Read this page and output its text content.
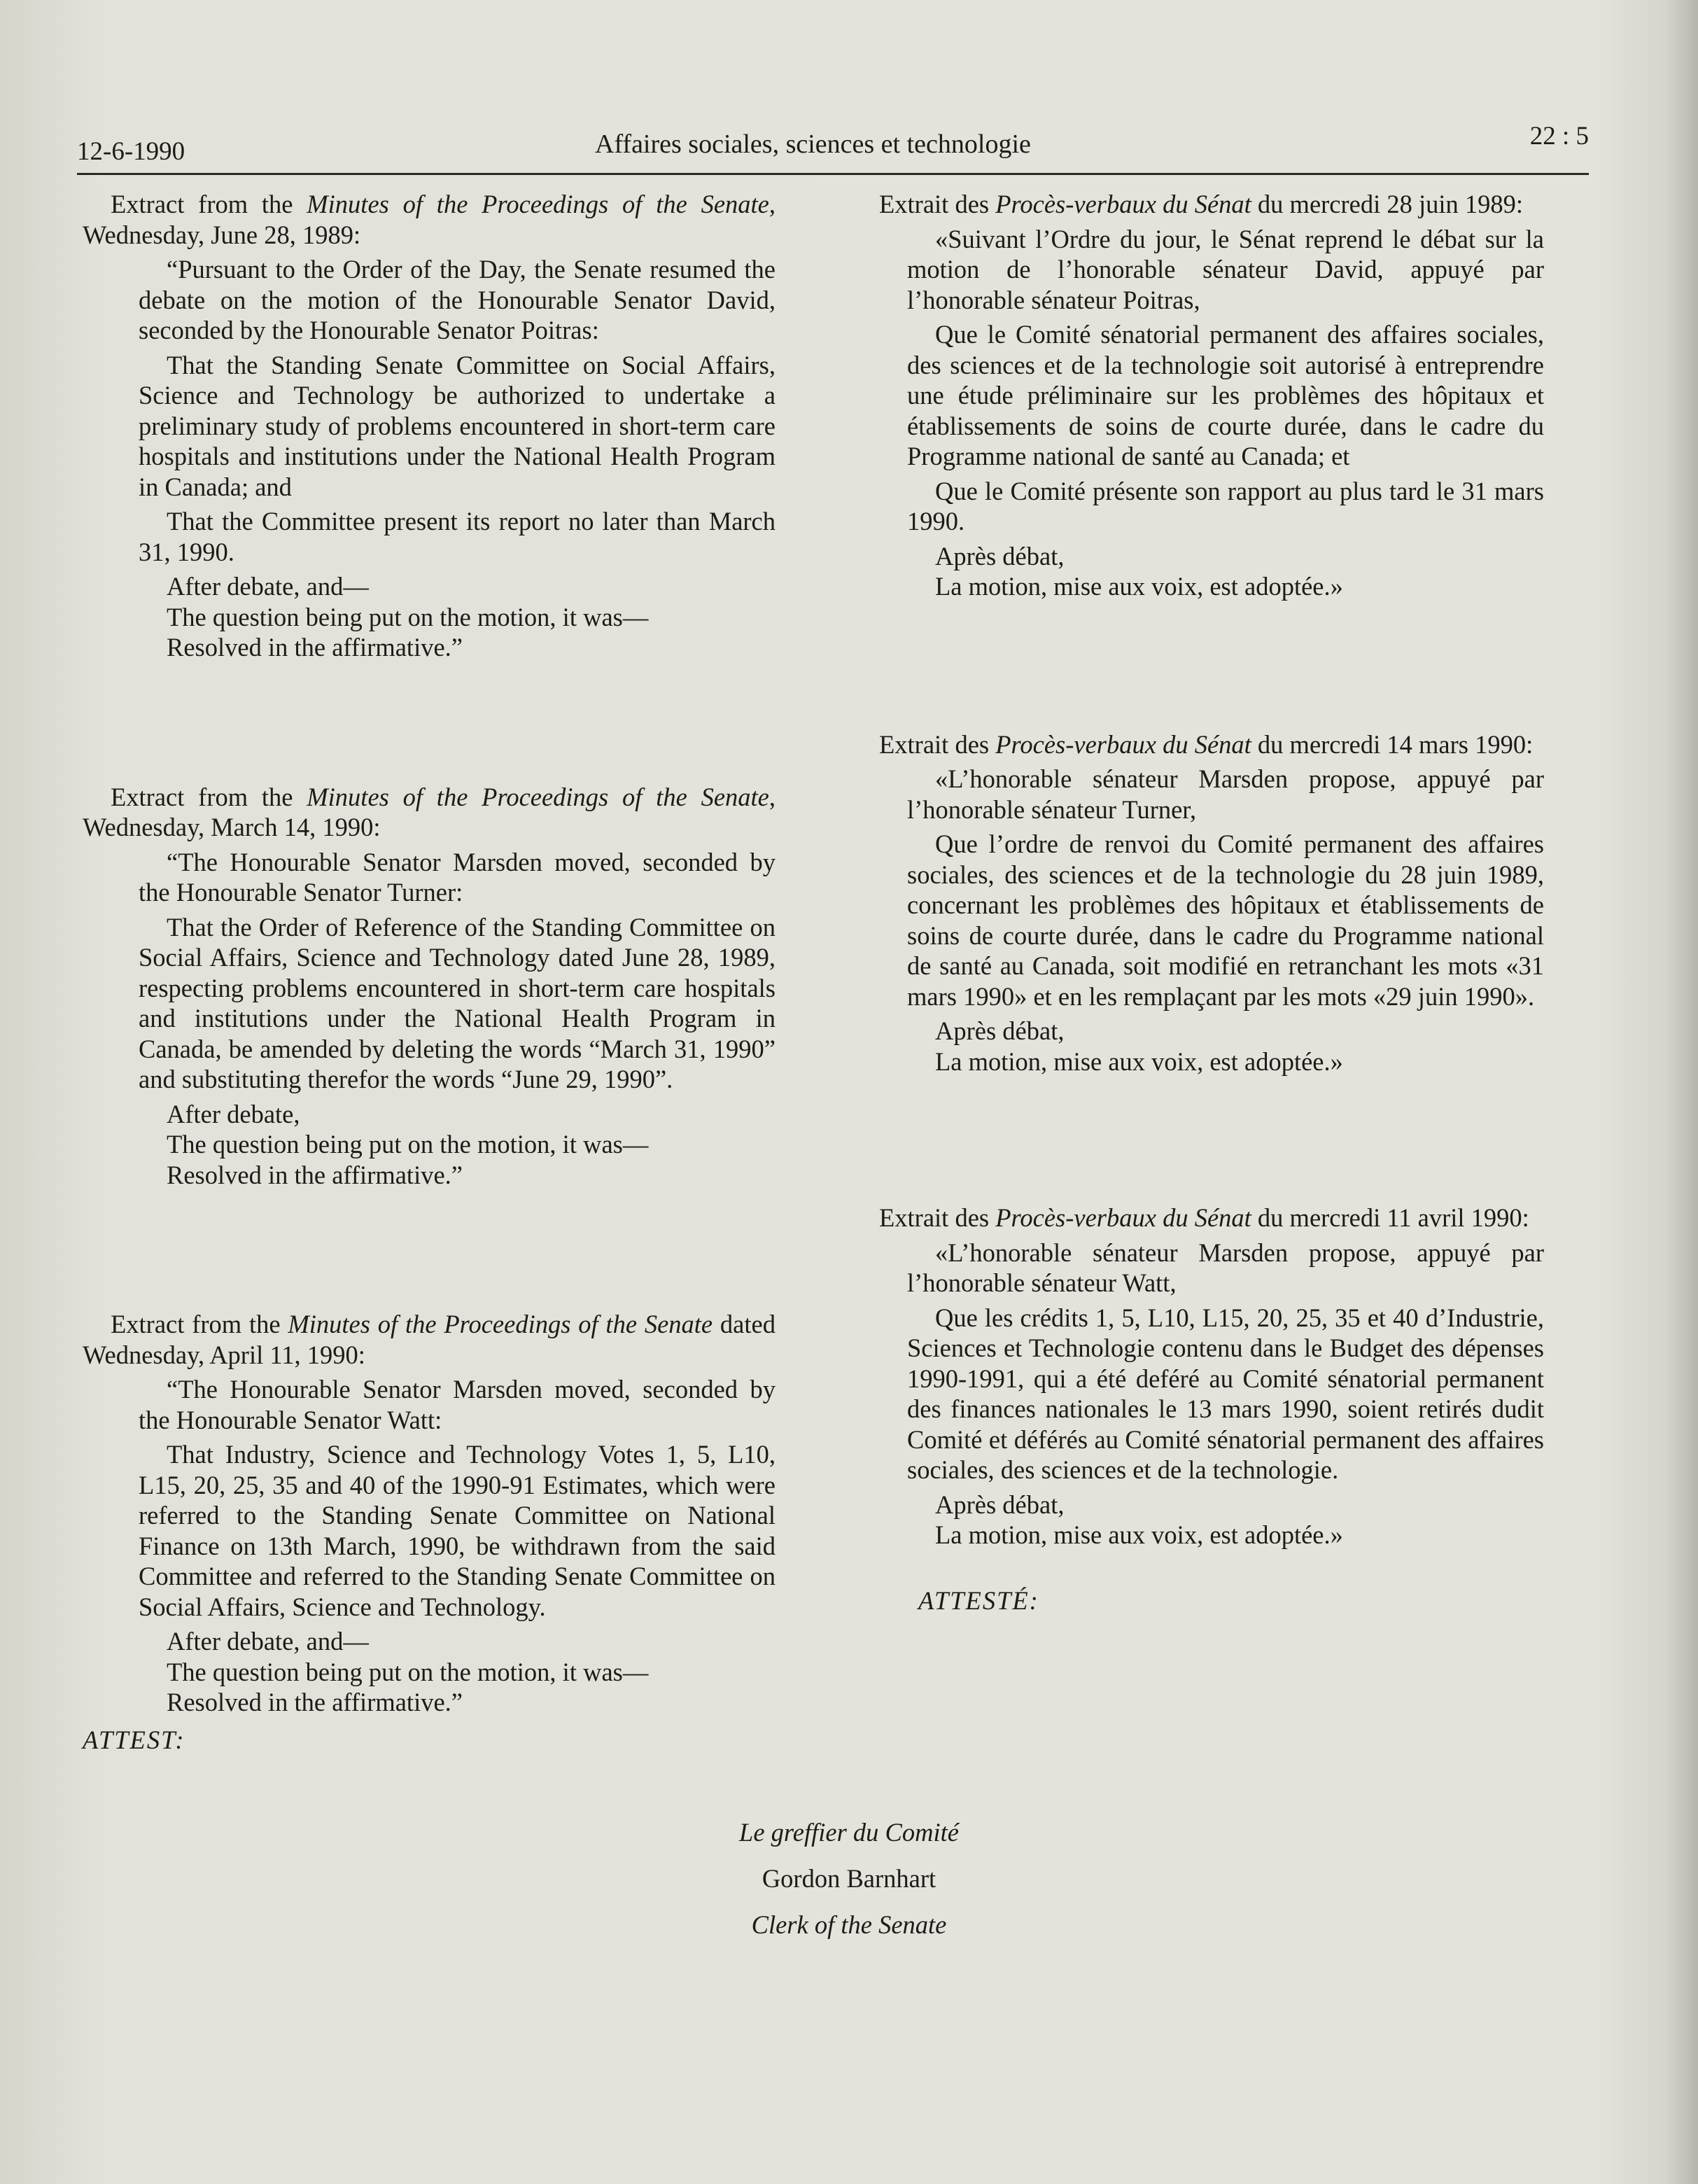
12-6-1990	Affaires sociales, sciences et technologie	22 : 5

Extract from the Minutes of the Proceedings of the Senate, Wednesday, June 28, 1989:

“Pursuant to the Order of the Day, the Senate resumed the debate on the motion of the Honourable Senator David, seconded by the Honourable Senator Poitras:

That the Standing Senate Committee on Social Affairs, Science and Technology be authorized to undertake a preliminary study of problems encountered in short-term care hospitals and institutions under the National Health Program in Canada; and

That the Committee present its report no later than March 31, 1990.

After debate, and—

The question being put on the motion, it was—

Resolved in the affirmative.”

Extract from the Minutes of the Proceedings of the Senate, Wednesday, March 14, 1990:

“The Honourable Senator Marsden moved, seconded by the Honourable Senator Turner:

That the Order of Reference of the Standing Committee on Social Affairs, Science and Technology dated June 28, 1989, respecting problems encountered in short-term care hospitals and institutions under the National Health Program in Canada, be amended by deleting the words “March 31, 1990” and substituting therefor the words “June 29, 1990”.

After debate,

The question being put on the motion, it was—

Resolved in the affirmative.”

Extract from the Minutes of the Proceedings of the Senate dated Wednesday, April 11, 1990:

“The Honourable Senator Marsden moved, seconded by the Honourable Senator Watt:

That Industry, Science and Technology Votes 1, 5, L10, L15, 20, 25, 35 and 40 of the 1990-91 Estimates, which were referred to the Standing Senate Committee on National Finance on 13th March, 1990, be withdrawn from the said Committee and referred to the Standing Senate Committee on Social Affairs, Science and Technology.

After debate, and—

The question being put on the motion, it was—

Resolved in the affirmative.”

ATTEST:

Extrait des Procès-verbaux du Sénat du mercredi 28 juin 1989:

«Suivant l’Ordre du jour, le Sénat reprend le débat sur la motion de l’honorable sénateur David, appuyé par l’honorable sénateur Poitras,

Que le Comité sénatorial permanent des affaires sociales, des sciences et de la technologie soit autorisé à entreprendre une étude préliminaire sur les problèmes des hôpitaux et établissements de soins de courte durée, dans le cadre du Programme national de santé au Canada; et

Que le Comité présente son rapport au plus tard le 31 mars 1990.

Après débat,

La motion, mise aux voix, est adoptée.»

Extrait des Procès-verbaux du Sénat du mercredi 14 mars 1990:

«L’honorable sénateur Marsden propose, appuyé par l’honorable sénateur Turner,

Que l’ordre de renvoi du Comité permanent des affaires sociales, des sciences et de la technologie du 28 juin 1989, concernant les problèmes des hôpitaux et établissements de soins de courte durée, dans le cadre du Programme national de santé au Canada, soit modifié en retranchant les mots «31 mars 1990» et en les remplaçant par les mots «29 juin 1990».

Après débat,

La motion, mise aux voix, est adoptée.»

Extrait des Procès-verbaux du Sénat du mercredi 11 avril 1990:

«L’honorable sénateur Marsden propose, appuyé par l’honorable sénateur Watt,

Que les crédits 1, 5, L10, L15, 20, 25, 35 et 40 d’Industrie, Sciences et Technologie contenu dans le Budget des dépenses 1990-1991, qui a été deféré au Comité sénatorial permanent des finances nationales le 13 mars 1990, soient retirés dudit Comité et déférés au Comité sénatorial permanent des affaires sociales, des sciences et de la technologie.

Après débat,

La motion, mise aux voix, est adoptée.»

ATTESTÉ:

Le greffier du Comité
Gordon Barnhart
Clerk of the Senate
